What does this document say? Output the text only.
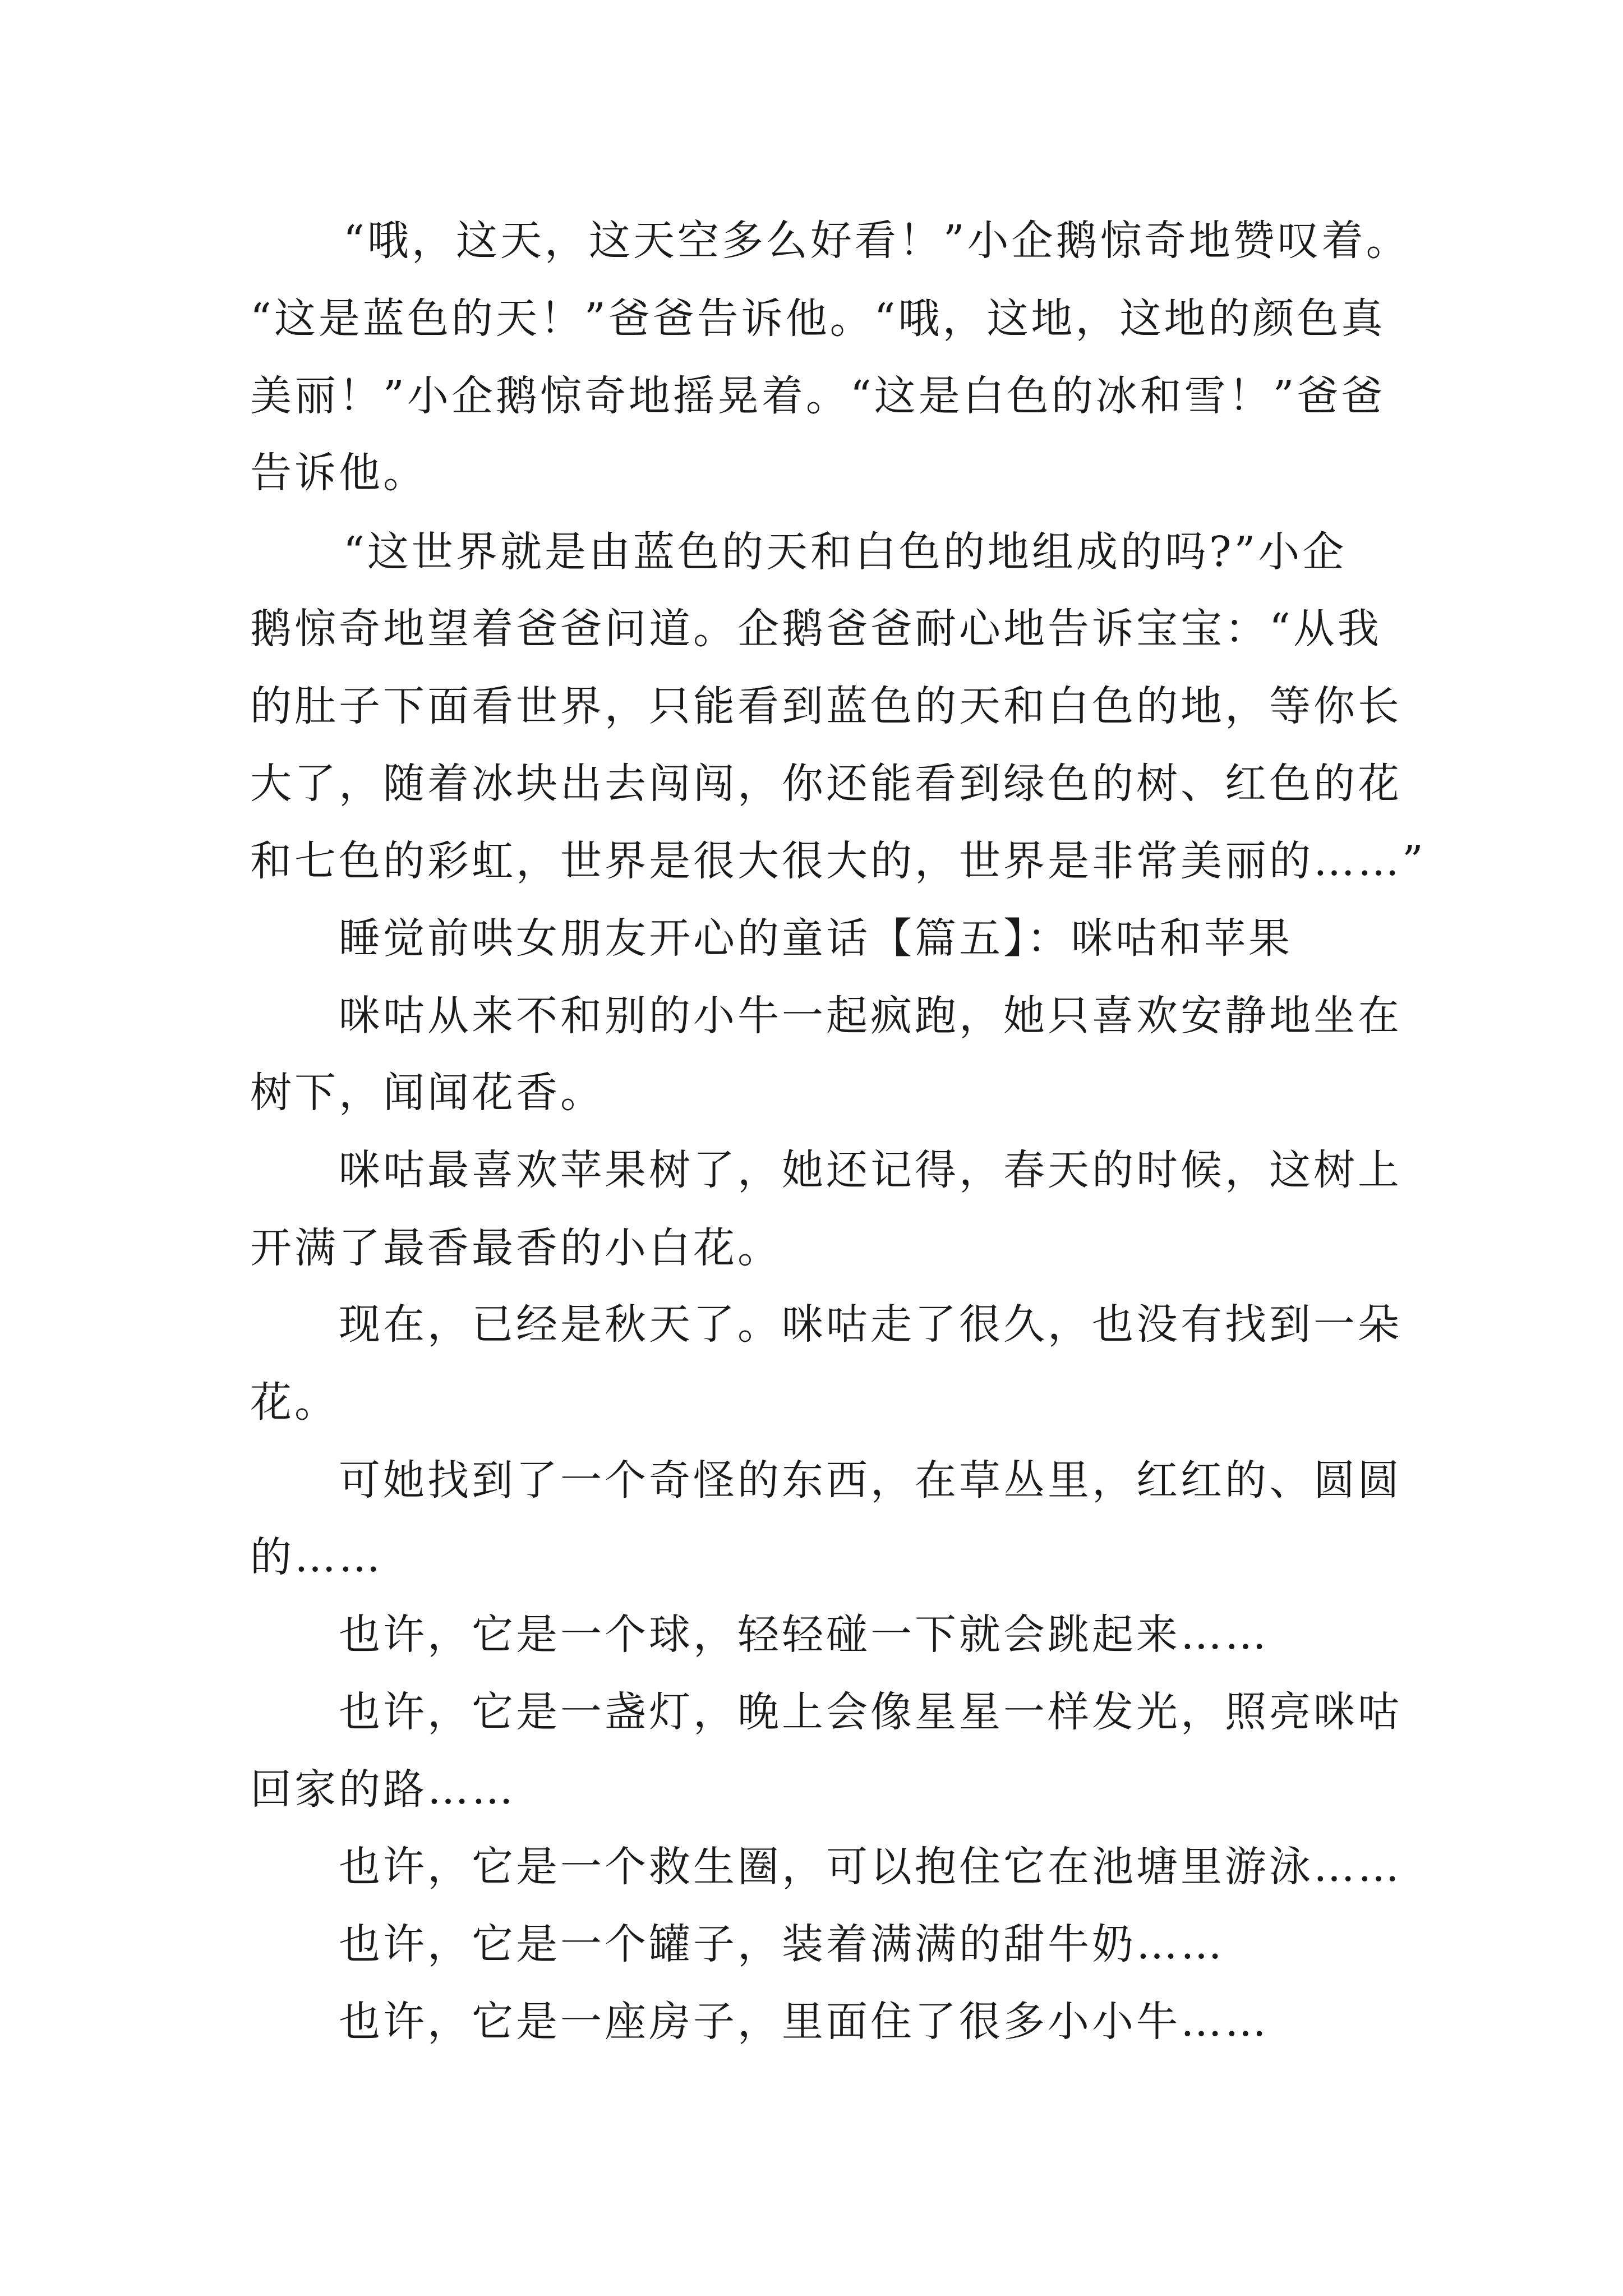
“哦，这天，这天空多么好看！”小企鹅惊奇地赞叹着。
“这是蓝色的天！”爸爸告诉他。“哦，这地，这地的颜色真
美丽！”小企鹅惊奇地摇晃着。“这是白色的冰和雪！”爸爸
告诉他。
“这世界就是由蓝色的天和白色的地组成的吗?”小企
鹅惊奇地望着爸爸问道。企鹅爸爸耐心地告诉宝宝：“从我
的肚子下面看世界，只能看到蓝色的天和白色的地，等你长
大了，随着冰块出去闯闯，你还能看到绿色的树、红色的花
和七色的彩虹，世界是很大很大的，世界是非常美丽的……”
睡觉前哄女朋友开心的童话【篇五】：咪咕和苹果
咪咕从来不和别的小牛一起疯跑，她只喜欢安静地坐在
树下，闻闻花香。
咪咕最喜欢苹果树了，她还记得，春天的时候，这树上
开满了最香最香的小白花。
现在，已经是秋天了。咪咕走了很久，也没有找到一朵
花。
可她找到了一个奇怪的东西，在草丛里，红红的、圆圆
的……
也许，它是一个球，轻轻碰一下就会跳起来……
也许，它是一盏灯，晚上会像星星一样发光，照亮咪咕
回家的路……
也许，它是一个救生圈，可以抱住它在池塘里游泳……
也许，它是一个罐子，装着满满的甜牛奶……
也许，它是一座房子，里面住了很多小小牛……
